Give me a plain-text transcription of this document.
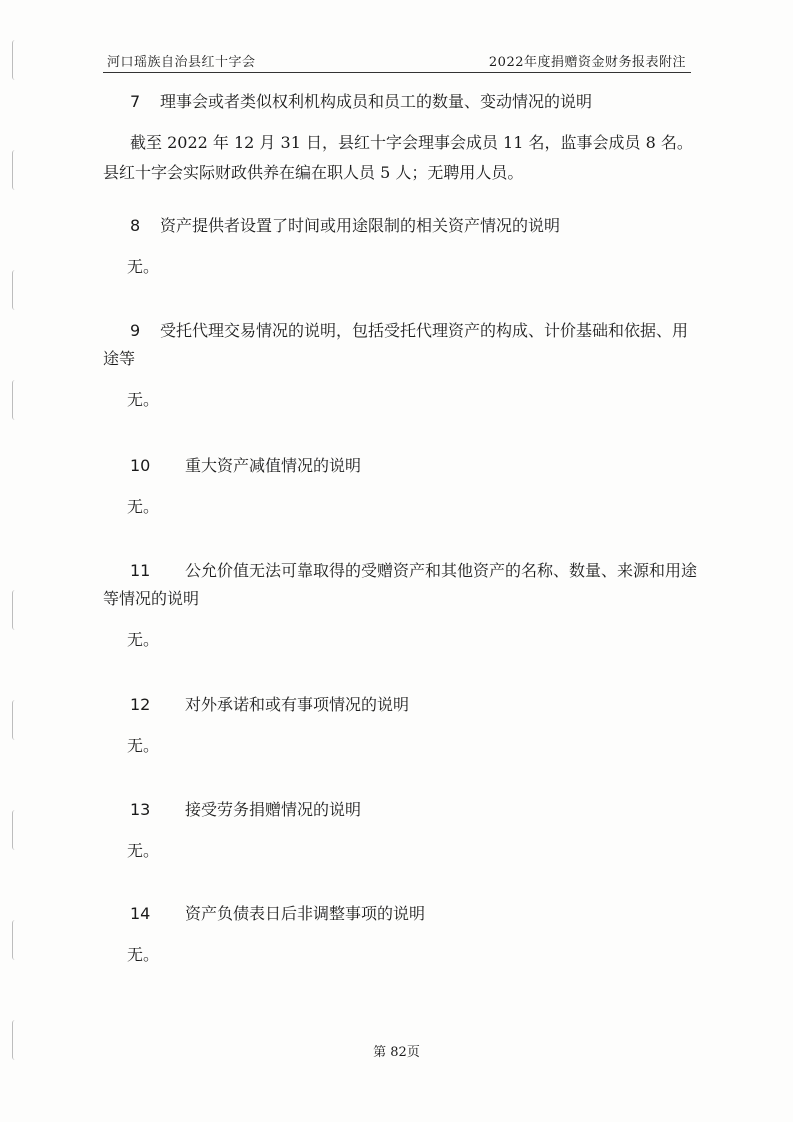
河口瑶族自治县红十字会	2022年度捐赠资金财务报表附注
7	理事会或者类似权利机构成员和员工的数量、变动情况的说明
截至 2022 年 12 月 31 日，县红十字会理事会成员 11 名，监事会成员 8 名。县红十字会实际财政供养在编在职人员 5 人；无聘用人员。
8	资产提供者设置了时间或用途限制的相关资产情况的说明
无。
9	受托代理交易情况的说明，包括受托代理资产的构成、计价基础和依据、用途等
无。
10	重大资产减值情况的说明
无。
11	公允价值无法可靠取得的受赠资产和其他资产的名称、数量、来源和用途等情况的说明
无。
12	对外承诺和或有事项情况的说明
无。
13	接受劳务捐赠情况的说明
无。
14	资产负债表日后非调整事项的说明
无。
第 82页
